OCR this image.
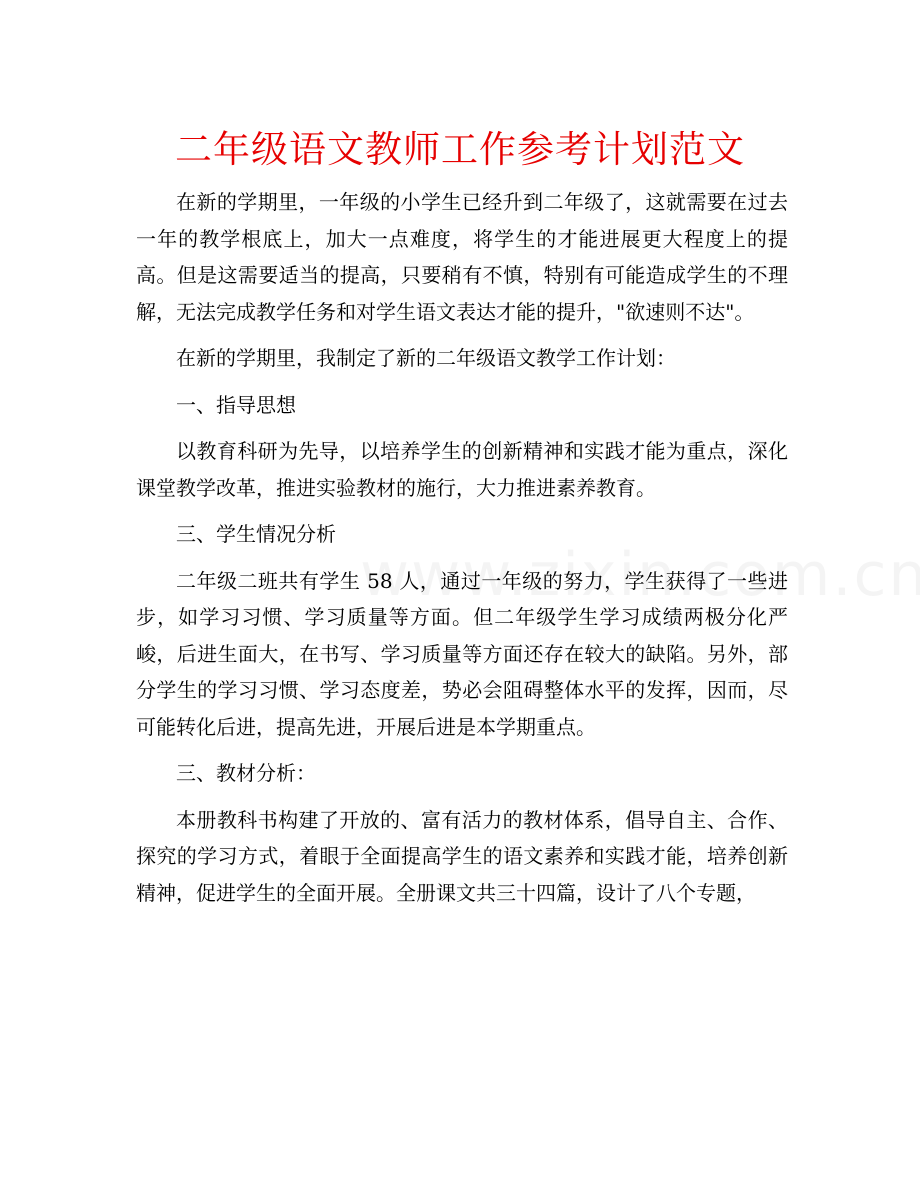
二年级语文教师工作参考计划范文

在新的学期里，一年级的小学生已经升到二年级了，这就需要在过去一年的教学根底上，加大一点难度，将学生的才能进展更大程度上的提高。但是这需要适当的提高，只要稍有不慎，特别有可能造成学生的不理解，无法完成教学任务和对学生语文表达才能的提升，"欲速则不达"。

在新的学期里，我制定了新的二年级语文教学工作计划：

一、指导思想

以教育科研为先导，以培养学生的创新精神和实践才能为重点，深化课堂教学改革，推进实验教材的施行，大力推进素养教育。

三、学生情况分析

二年级二班共有学生 58 人，通过一年级的努力，学生获得了一些进步，如学习习惯、学习质量等方面。但二年级学生学习成绩两极分化严峻，后进生面大，在书写、学习质量等方面还存在较大的缺陷。另外，部分学生的学习习惯、学习态度差，势必会阻碍整体水平的发挥，因而，尽可能转化后进，提高先进，开展后进是本学期重点。

三、教材分析：

本册教科书构建了开放的、富有活力的教材体系，倡导自主、合作、探究的学习方式，着眼于全面提高学生的语文素养和实践才能，培养创新精神，促进学生的全面开展。全册课文共三十四篇，设计了八个专题，
